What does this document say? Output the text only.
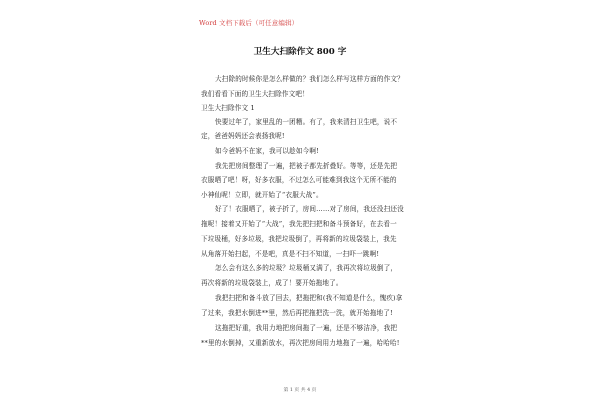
Word 文档下载后（可任意编辑）
卫生大扫除作文 800 字
大扫除的时候你是怎么样做的？我们怎么样写这样方面的作文？
我们看看下面的卫生大扫除作文吧！
卫生大扫除作文 1
快要过年了，家里乱的一团糟。有了，我来清扫卫生吧，说不
定，爸爸妈妈还会表扬我呢!
如今爸妈不在家，我可以趁如今啊!
我先把房间整理了一遍，把被子都先折叠好。等等，还是先把
衣服晒了吧！呀，好多衣服，不过怎么可能难到我这个无所不能的
小神仙呢！立即，就开始了“衣服大战”。
好了！衣服晒了，被子折了，房间……对了房间，我还没扫还没
拖呢！接着又开始了“大战”，我先把扫把和备斗预备好，在去看一
下垃圾桶，好多垃圾，我把垃圾倒了，再将新的垃圾袋装上，我先
从角落开始扫起，不是吧，真是不扫不知道，一扫吓一跳啊!
怎么会有这么多的垃圾？垃圾桶又满了，我再次将垃圾倒了，
再次将新的垃圾袋装上，成了！要开始拖地了。
我把扫把和备斗放了回去，把拖把和(我不知道是什么，愧疚)拿
了过来，我把水倒进**里，然后再把拖把洗一洗，就开始拖地了!
这拖把好重，我用力地把房间拖了一遍，还是不够洁净，我把
**里的水倒掉，又重新放水，再次把房间用力地拖了一遍，哈哈哈!
第 1 页 共 4 页
